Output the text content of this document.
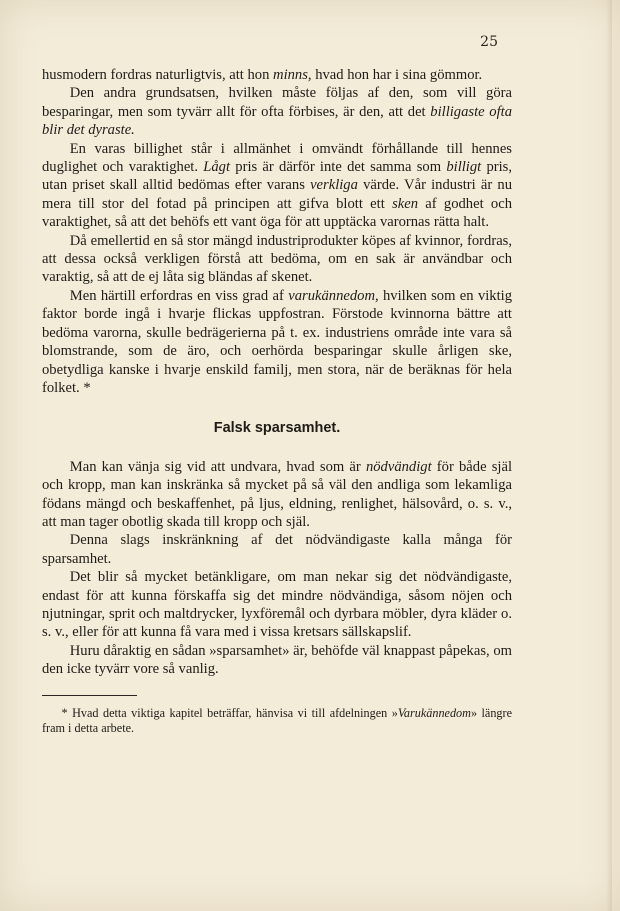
25

husmodern fordras naturligtvis, att hon minns, hvad hon har i sina gömmor.

Den andra grundsatsen, hvilken måste följas af den, som vill göra besparingar, men som tyvärr allt för ofta förbises, är den, att det billigaste ofta blir det dyraste.

En varas billighet står i allmänhet i omvändt förhållande till hennes duglighet och varaktighet. Lågt pris är därför inte det samma som billigt pris, utan priset skall alltid bedömas efter varans verkliga värde. Vår industri är nu mera till stor del fotad på principen att gifva blott ett sken af godhet och varaktighet, så att det behöfs ett vant öga för att upptäcka varornas rätta halt.

Då emellertid en så stor mängd industriprodukter köpes af kvinnor, fordras, att dessa också verkligen förstå att bedöma, om en sak är användbar och varaktig, så att de ej låta sig bländas af skenet.

Men härtill erfordras en viss grad af varukännedom, hvilken som en viktig faktor borde ingå i hvarje flickas uppfostran. Förstode kvinnorna bättre att bedöma varorna, skulle bedrägerierna på t. ex. industriens område inte vara så blomstrande, som de äro, och oerhörda besparingar skulle årligen ske, obetydliga kanske i hvarje enskild familj, men stora, när de beräknas för hela folket. *

Falsk sparsamhet.

Man kan vänja sig vid att undvara, hvad som är nödvändigt för både själ och kropp, man kan inskränka så mycket på så väl den andliga som lekamliga födans mängd och beskaffenhet, på ljus, eldning, renlighet, hälsovård, o. s. v., att man tager obotlig skada till kropp och själ.

Denna slags inskränkning af det nödvändigaste kalla många för sparsamhet.

Det blir så mycket betänkligare, om man nekar sig det nödvändigaste, endast för att kunna förskaffa sig det mindre nödvändiga, såsom nöjen och njutningar, sprit och maltdrycker, lyxföremål och dyrbara möbler, dyra kläder o. s. v., eller för att kunna få vara med i vissa kretsars sällskapslif.

Huru dåraktig en sådan »sparsamhet» är, behöfde väl knappast påpekas, om den icke tyvärr vore så vanlig.

* Hvad detta viktiga kapitel beträffar, hänvisa vi till afdelningen »Varukännedom» längre fram i detta arbete.
